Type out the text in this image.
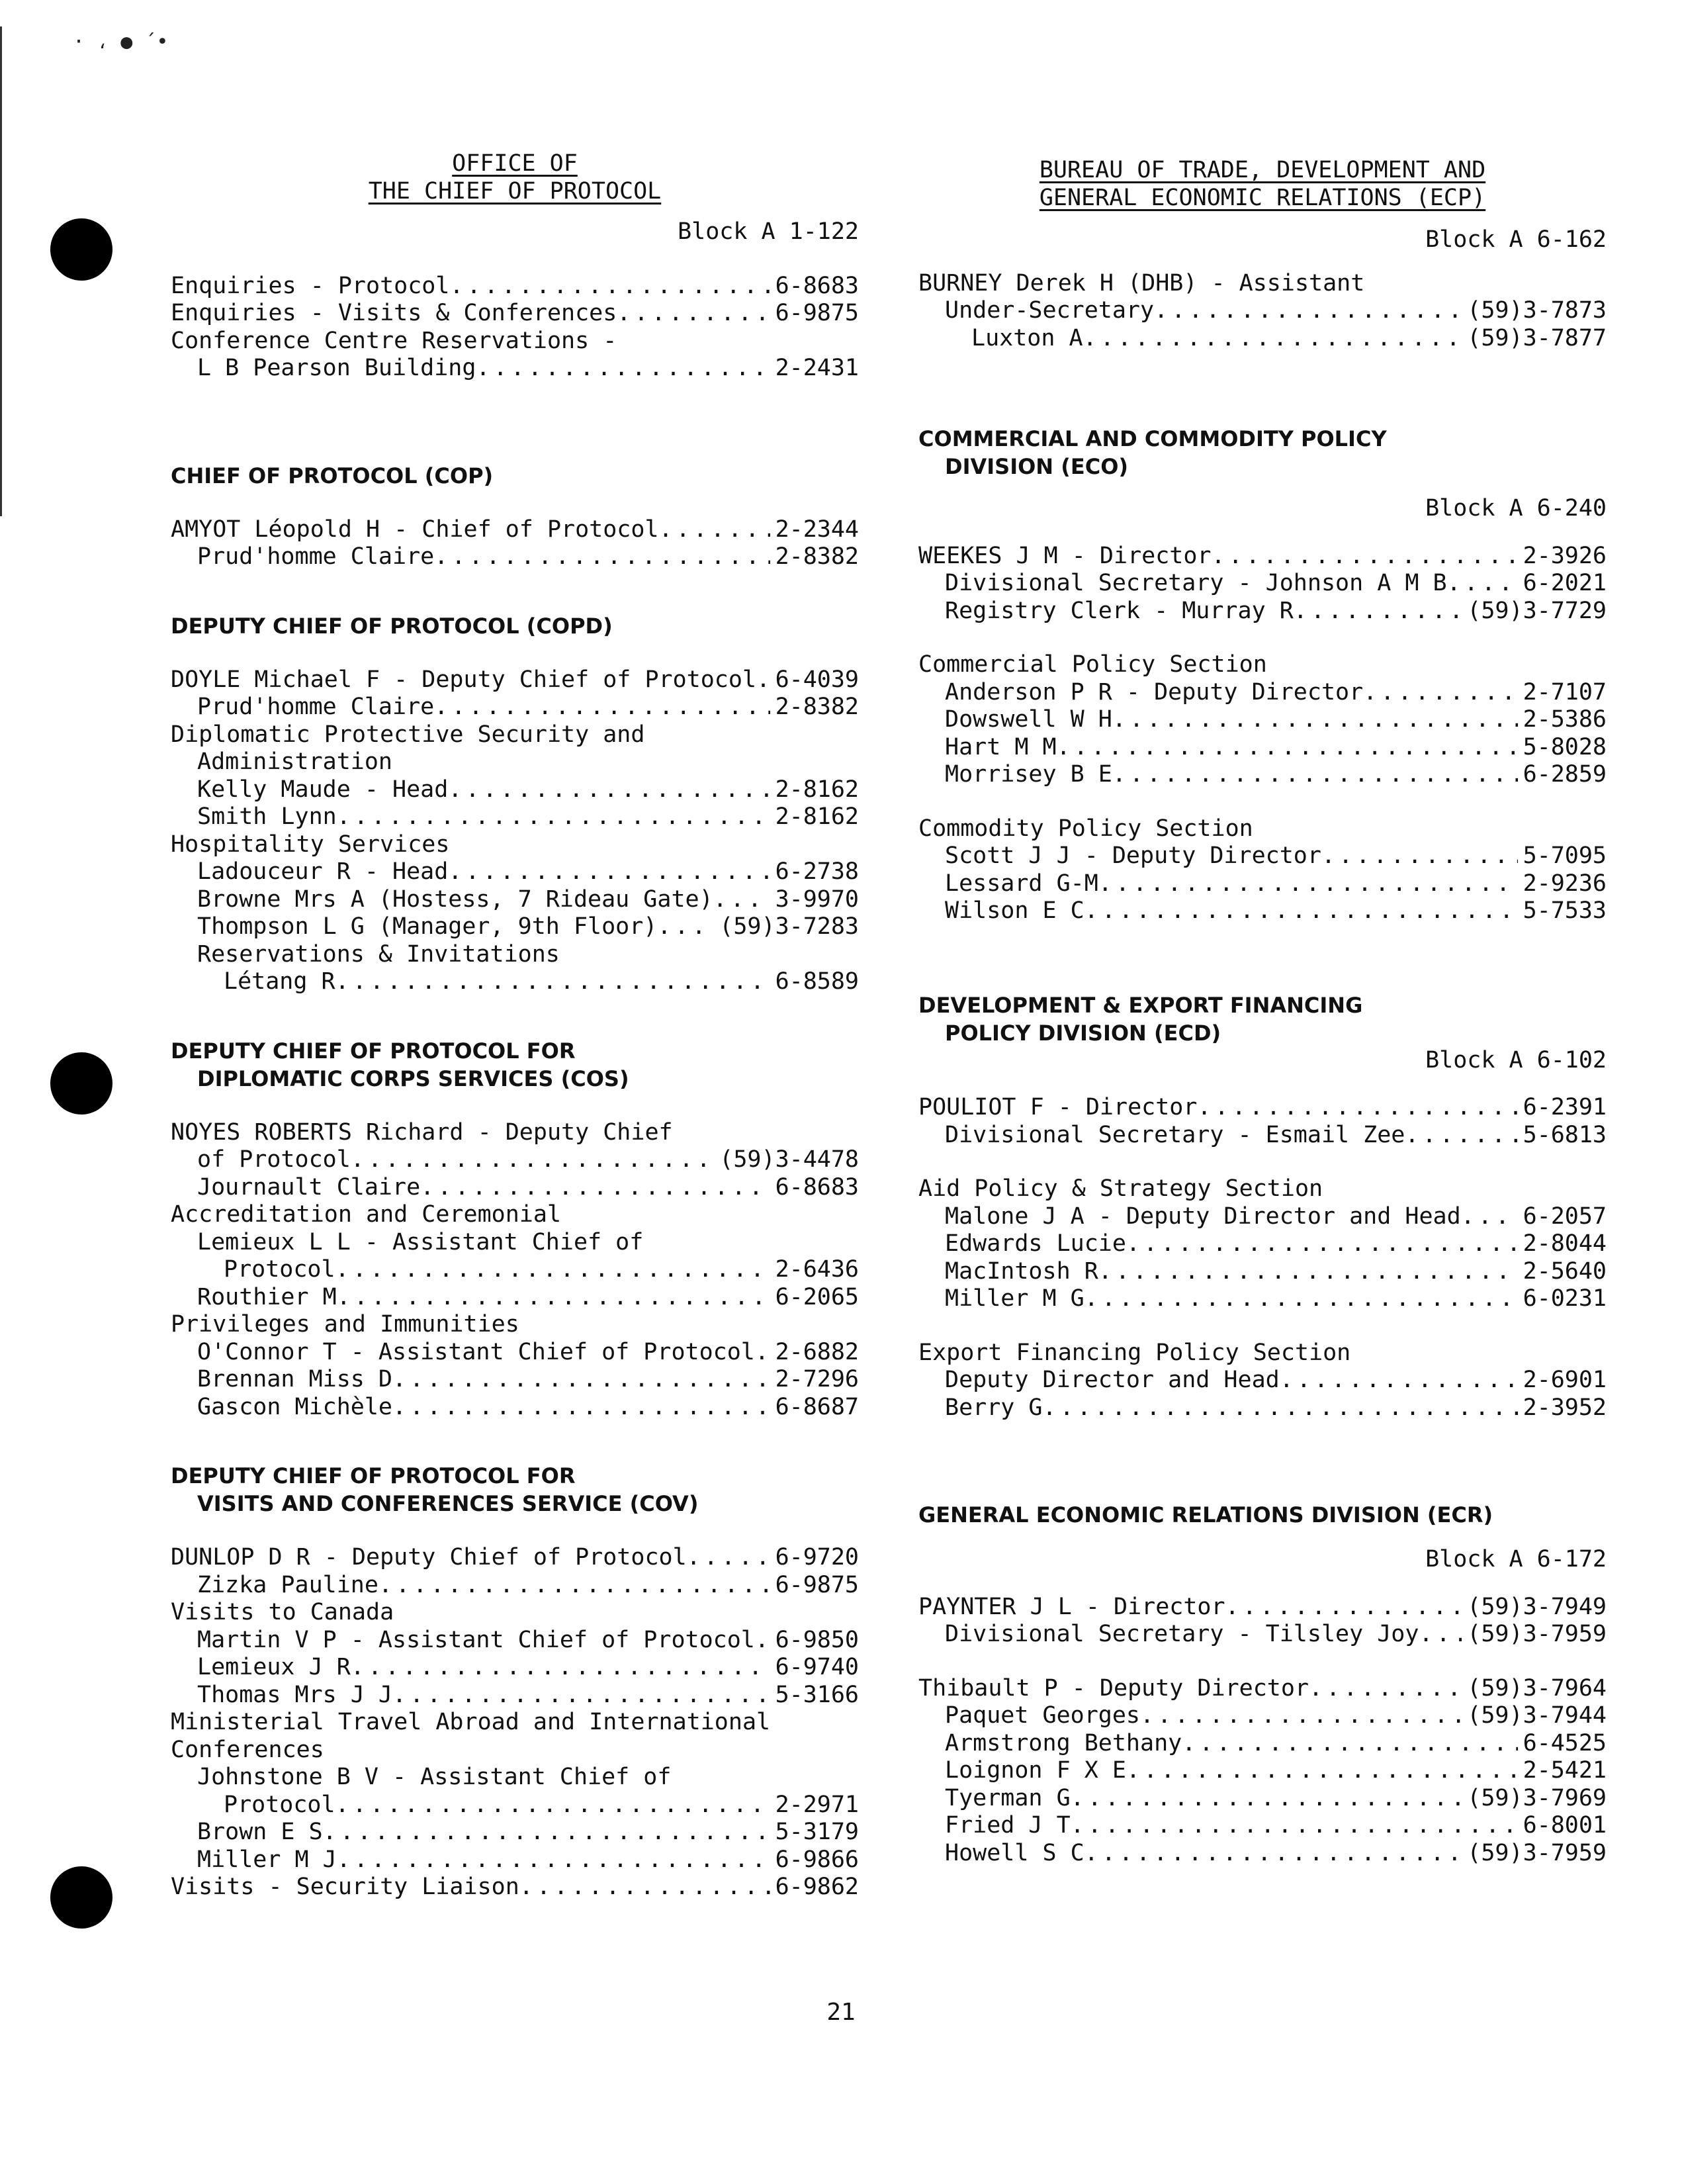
· ، ● ´•
OFFICE OF
THE CHIEF OF PROTOCOL
Block A 1-122
Enquiries - Protocol . . .	6-8683
Enquiries - Visits & Conferences . . .	6-9875
Conference Centre Reservations -
L B Pearson Building . . .	2-2431
CHIEF OF PROTOCOL (COP)
AMYOT Léopold H - Chief of Protocol . . .	2-2344
Prud'homme Claire . . .	2-8382
DEPUTY CHIEF OF PROTOCOL (COPD)
DOYLE Michael F - Deputy Chief of Protocol . . . 6-4039
Prud'homme Claire . . .	2-8382
Diplomatic Protective Security and
Administration
Kelly Maude - Head . . .	2-8162
Smith Lynn . . .	2-8162
Hospitality Services
Ladouceur R - Head . . .	6-2738
Browne Mrs A (Hostess, 7 Rideau Gate) . . .	3-9970
Thompson L G (Manager, 9th Floor) . . .	(59)3-7283
Reservations & Invitations
Létang R . . .	6-8589
DEPUTY CHIEF OF PROTOCOL FOR
DIPLOMATIC CORPS SERVICES (COS)
NOYES ROBERTS Richard - Deputy Chief
of Protocol . . .	(59)3-4478
Journault Claire . . .	6-8683
Accreditation and Ceremonial
Lemieux L L - Assistant Chief of
Protocol . . .	2-6436
Routhier M . . .	6-2065
Privileges and Immunities
O'Connor T - Assistant Chief of Protocol . . . 2-6882
Brennan Miss D . . .	2-7296
Gascon Michèle . . .	6-8687
DEPUTY CHIEF OF PROTOCOL FOR
VISITS AND CONFERENCES SERVICE (COV)
DUNLOP D R - Deputy Chief of Protocol . . .	6-9720
Zizka Pauline . . .	6-9875
Visits to Canada
Martin V P - Assistant Chief of Protocol . . . 6-9850
Lemieux J R . . .	6-9740
Thomas Mrs J J . . .	5-3166
Ministerial Travel Abroad and International
Conferences
Johnstone B V - Assistant Chief of
Protocol . . .	2-2971
Brown E S . . .	5-3179
Miller M J . . .	6-9866
Visits - Security Liaison . . .	6-9862
BUREAU OF TRADE, DEVELOPMENT AND
GENERAL ECONOMIC RELATIONS (ECP)
Block A 6-162
BURNEY Derek H (DHB) - Assistant
Under-Secretary . . .	(59)3-7873
Luxton A . . .	(59)3-7877
COMMERCIAL AND COMMODITY POLICY
DIVISION (ECO)
Block A 6-240
WEEKES J M - Director . . .	2-3926
Divisional Secretary - Johnson A M B . . .	6-2021
Registry Clerk - Murray R . . .	(59)3-7729
Commercial Policy Section
Anderson P R - Deputy Director . . .	2-7107
Dowswell W H . . .	2-5386
Hart M M . . .	5-8028
Morrisey B E . . .	6-2859
Commodity Policy Section
Scott J J - Deputy Director . . .	5-7095
Lessard G-M . . .	2-9236
Wilson E C . . .	5-7533
DEVELOPMENT & EXPORT FINANCING
POLICY DIVISION (ECD)
Block A 6-102
POULIOT F - Director . . .	6-2391
Divisional Secretary - Esmail Zee . . .	5-6813
Aid Policy & Strategy Section
Malone J A - Deputy Director and Head . . .	6-2057
Edwards Lucie . . .	2-8044
MacIntosh R . . .	2-5640
Miller M G . . .	6-0231
Export Financing Policy Section
Deputy Director and Head . . .	2-6901
Berry G . . .	2-3952
GENERAL ECONOMIC RELATIONS DIVISION (ECR)
Block A 6-172
PAYNTER J L - Director . . .	(59)3-7949
Divisional Secretary - Tilsley Joy . . . (59)3-7959
Thibault P - Deputy Director . . .	(59)3-7964
Paquet Georges . . .	(59)3-7944
Armstrong Bethany . . .	6-4525
Loignon F X E . . .	2-5421
Tyerman G . . .	(59)3-7969
Fried J T . . .	6-8001
Howell S C . . .	(59)3-7959
21
